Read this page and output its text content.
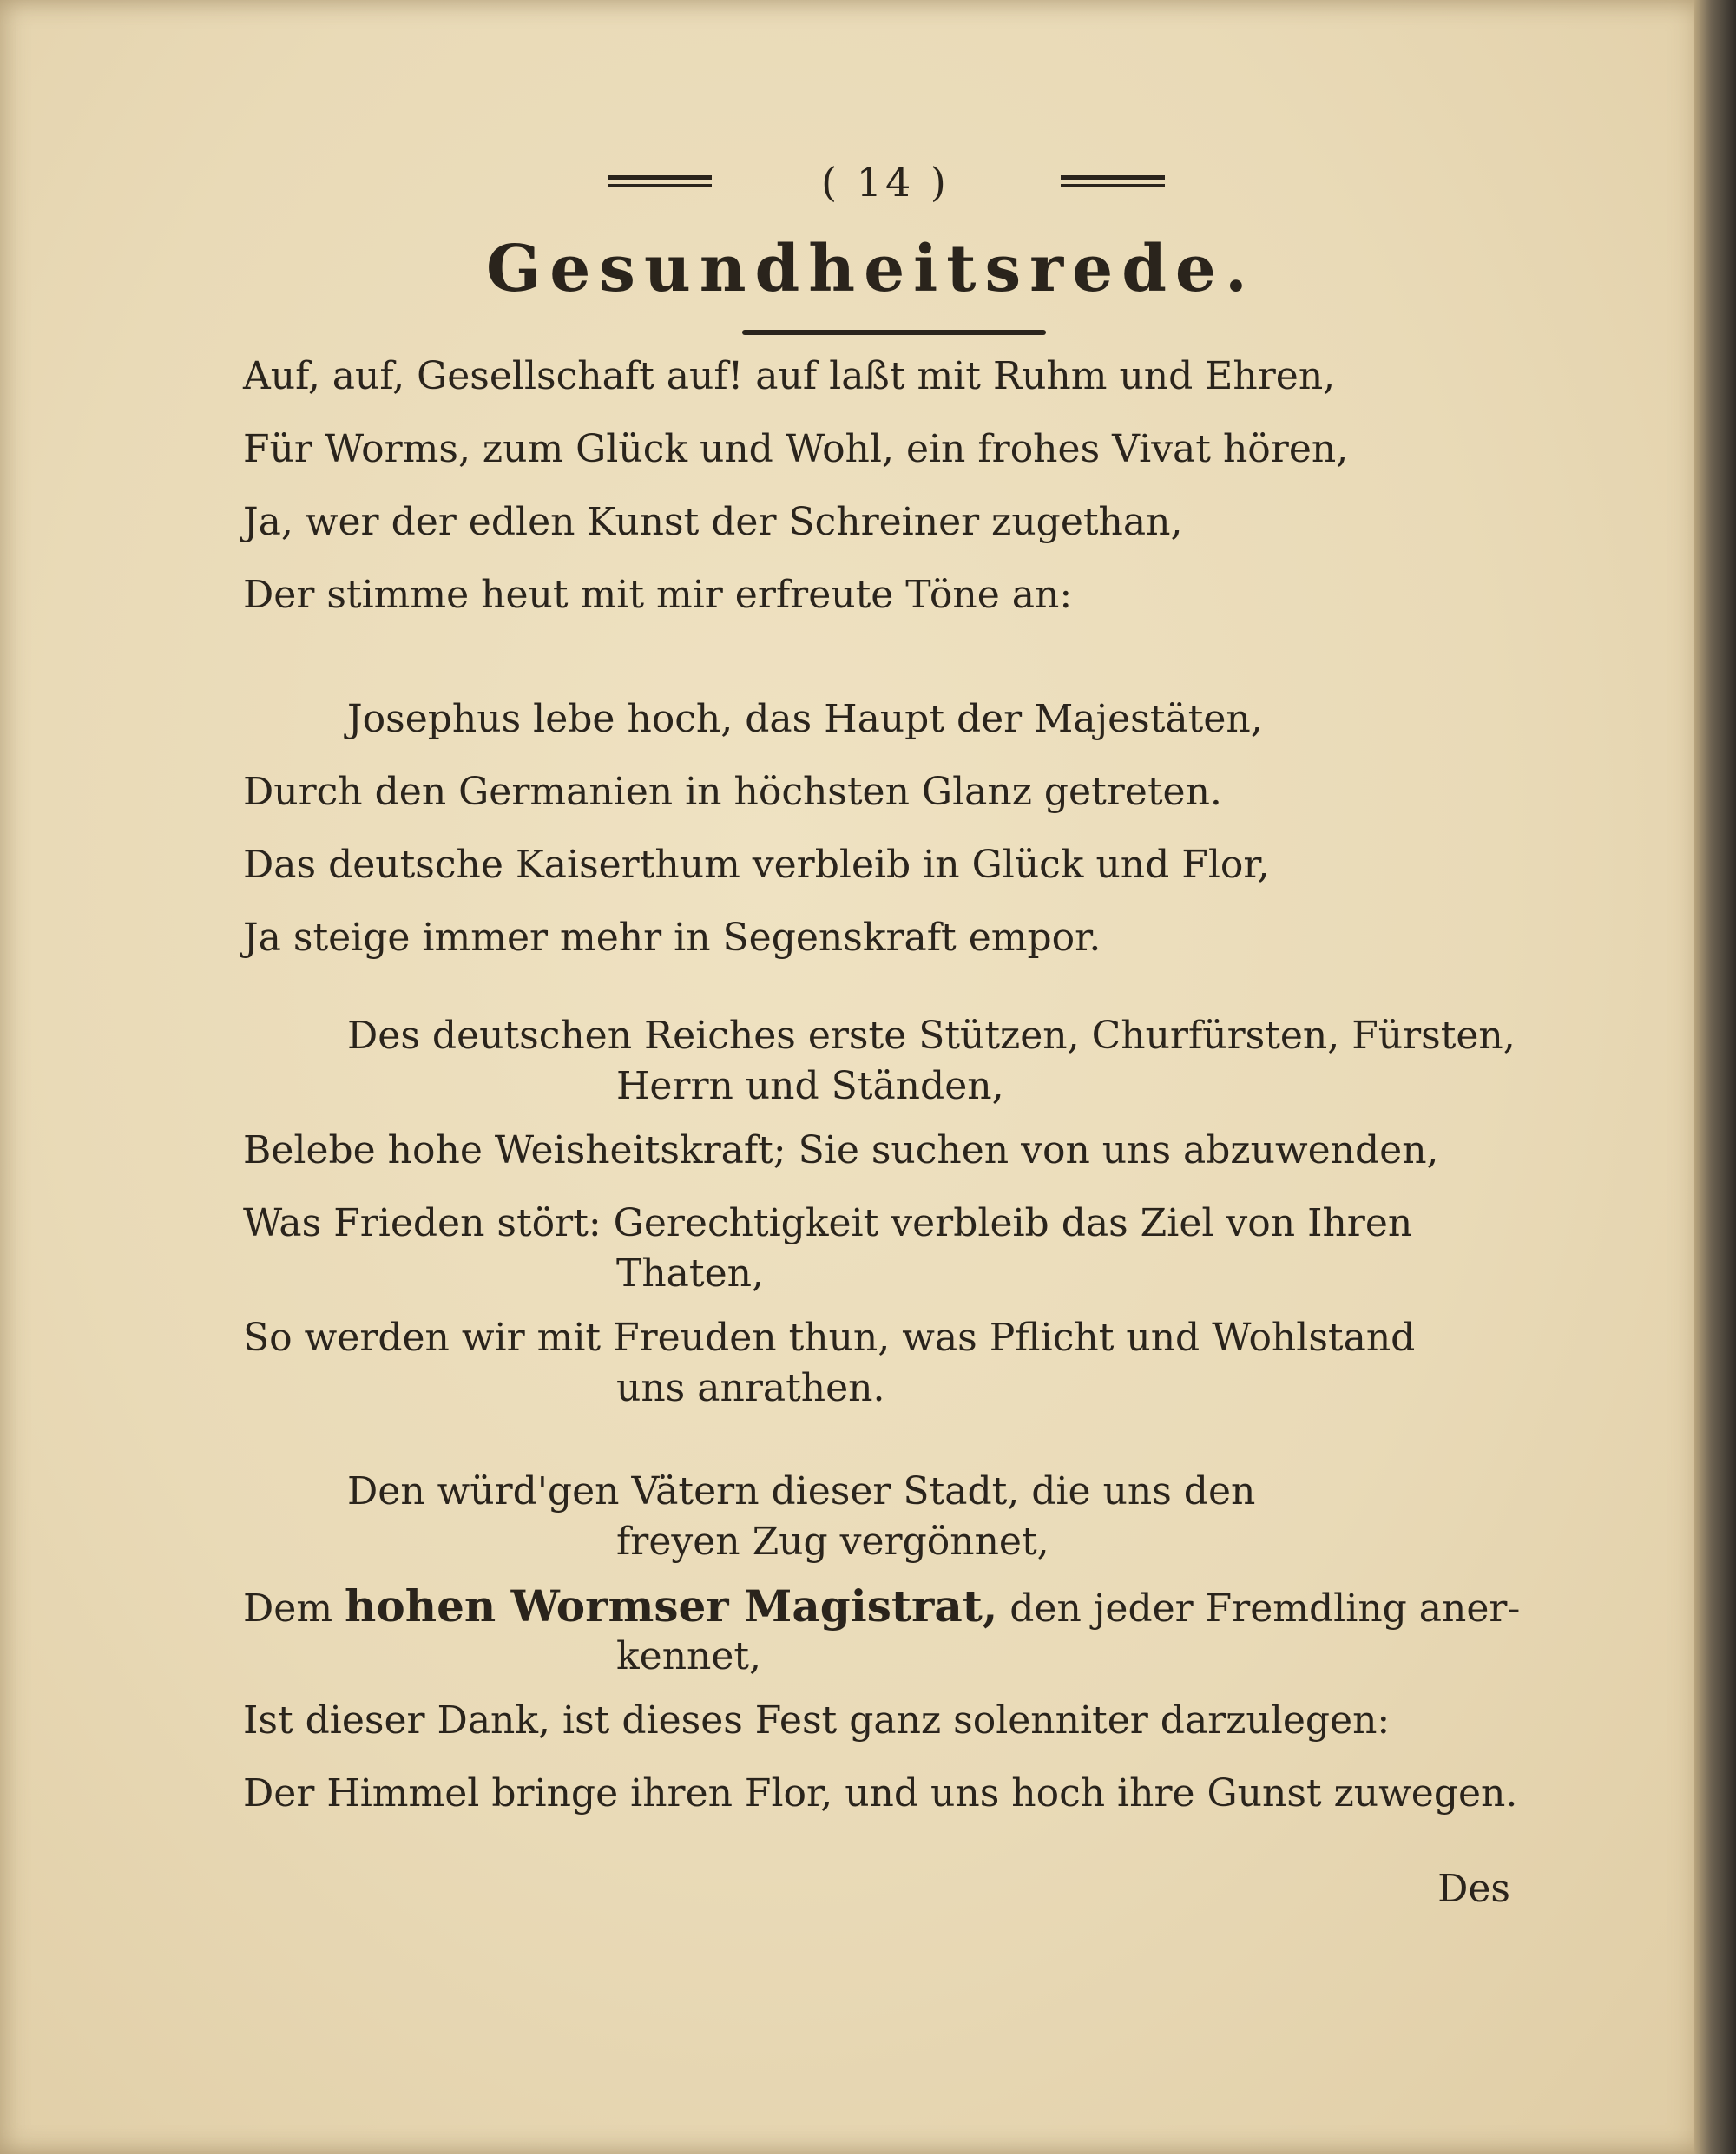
( 14 )
Gesundheitsrede.
Auf, auf, Gesellschaft auf! auf laßt mit Ruhm und Ehren,
Für Worms, zum Glück und Wohl, ein frohes Vivat hören,
Ja, wer der edlen Kunst der Schreiner zugethan,
Der stimme heut mit mir erfreute Töne an:
Josephus lebe hoch, das Haupt der Majestäten,
Durch den Germanien in höchsten Glanz getreten.
Das deutsche Kaiserthum verbleib in Glück und Flor,
Ja steige immer mehr in Segenskraft empor.
Des deutschen Reiches erste Stützen, Churfürsten, Fürsten,
Herrn und Ständen,
Belebe hohe Weisheitskraft; Sie suchen von uns abzuwenden,
Was Frieden stört: Gerechtigkeit verbleib das Ziel von Ihren
Thaten,
So werden wir mit Freuden thun, was Pflicht und Wohlstand
uns anrathen.
Den würd'gen Vätern dieser Stadt, die uns den
freyen Zug vergönnet,
Dem hohen Wormser Magistrat, den jeder Fremdling aner-
kennet,
Ist dieser Dank, ist dieses Fest ganz solenniter darzulegen:
Der Himmel bringe ihren Flor, und uns hoch ihre Gunst zuwegen.
Des
